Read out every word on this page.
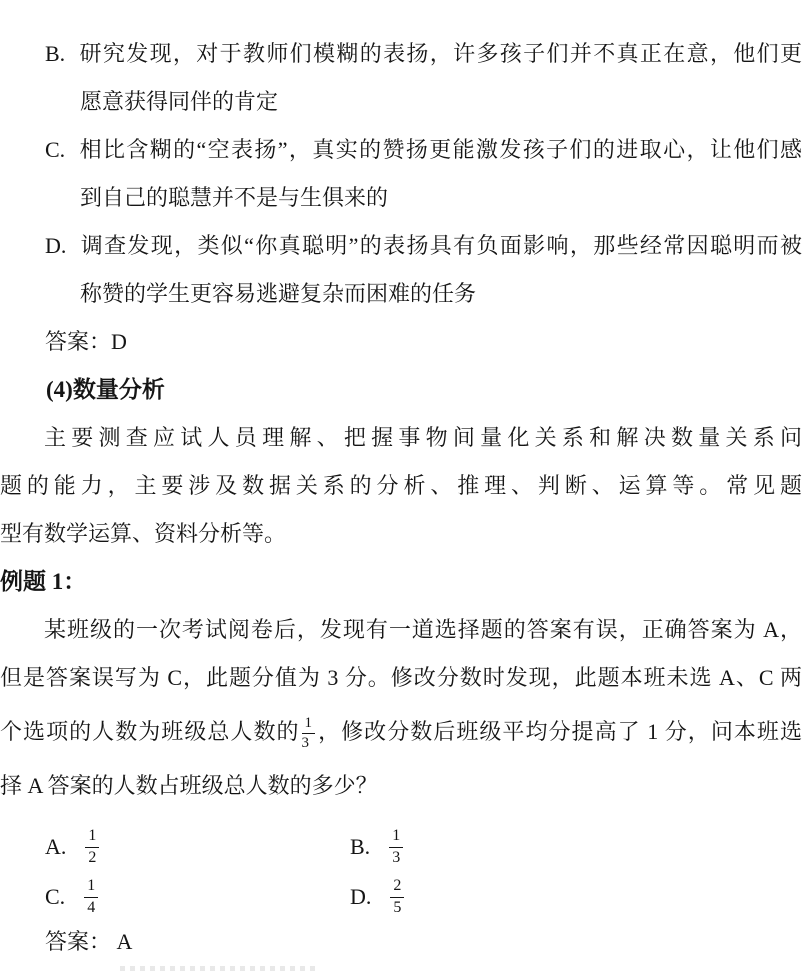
B. 研究发现，对于教师们模糊的表扬，许多孩子们并不真正在意，他们更
愿意获得同伴的肯定
C. 相比含糊的“空表扬”，真实的赞扬更能激发孩子们的进取心，让他们感
到自己的聪慧并不是与生俱来的
D. 调查发现，类似“你真聪明”的表扬具有负面影响，那些经常因聪明而被
称赞的学生更容易逃避复杂而困难的任务
答案：D
(4)数量分析
主要测查应试人员理解、把握事物间量化关系和解决数量关系问
题的能力，主要涉及数据关系的分析、推理、判断、运算等。常见题
型有数学运算、资料分析等。
例题 1：
某班级的一次考试阅卷后，发现有一道选择题的答案有误，正确答案为 A，
但是答案误写为 C，此题分值为 3 分。修改分数时发现，此题本班未选 A、C 两
个选项的人数为班级总人数的 $\frac{1}{3}$ ，修改分数后班级平均分提高了 1 分，问本班选
择 A 答案的人数占班级总人数的多少？
A. $\frac{1}{2}$	B. $\frac{1}{3}$
C. $\frac{1}{4}$	D. $\frac{2}{5}$
答案： A
